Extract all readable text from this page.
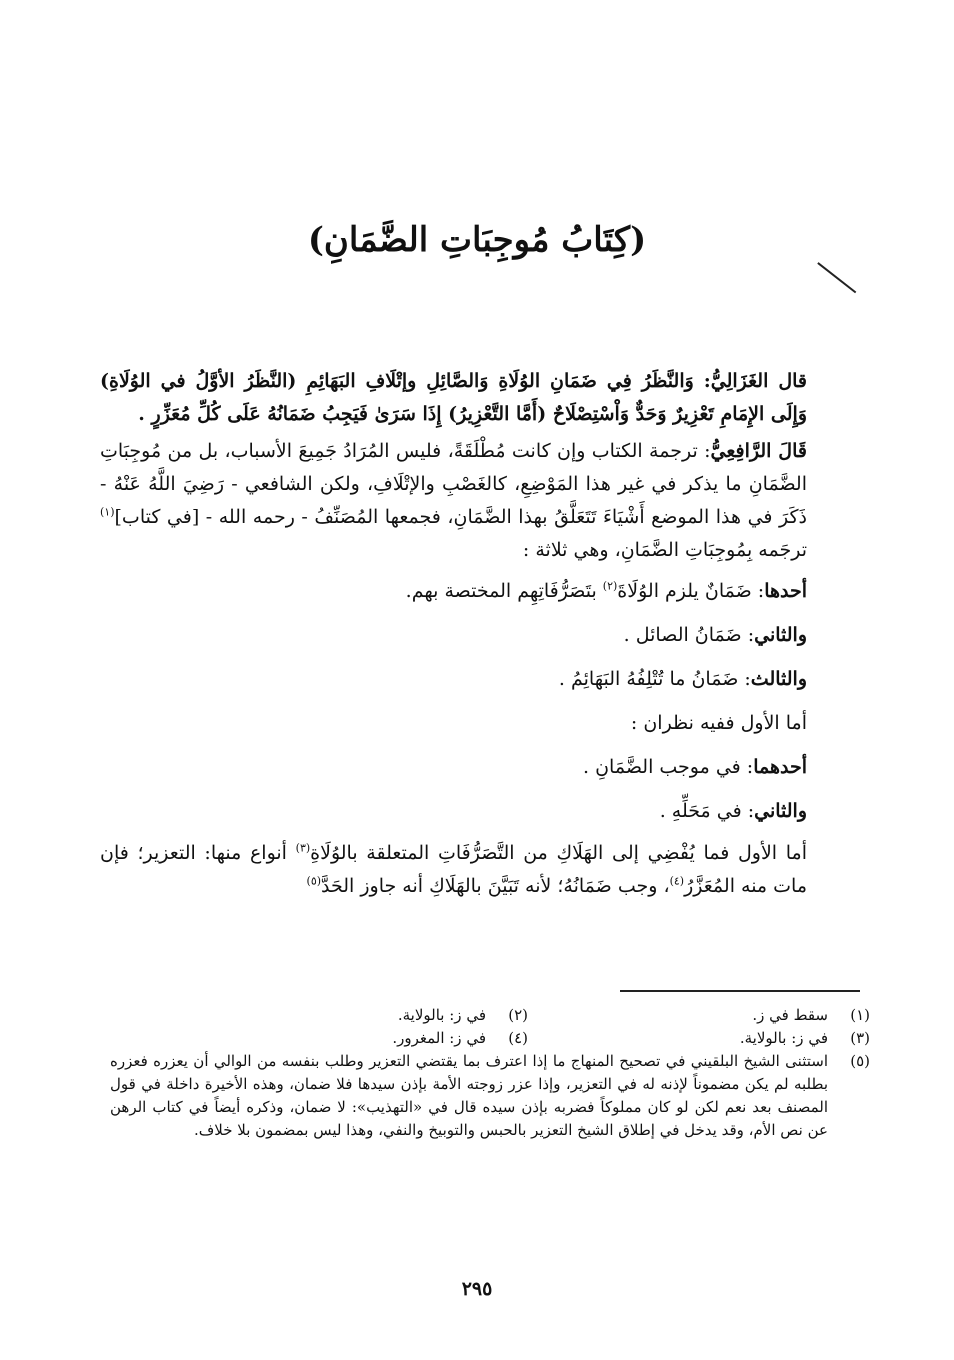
(كِتَابُ مُوجِبَاتِ الضَّمَانِ)

قال الغَزَالِيُّ: وَالنَّظَرُ فِي ضَمَانِ الوُلَاةِ وَالصَّائِلِ وإتْلَافِ البَهَائِمِ (النَّظَرُ الأوَّلُ في الوُلَاةِ) وَإِلَى الإِمَامِ تَعْزِيرٌ وَحَدٌّ وَاْسْتِصْلَاحٌ (أَمَّا التَّعْزِيرُ) إِذَا سَرَىٰ فَيَجِبُ ضَمَانُهُ عَلَى كُلِّ مُعَزِّرٍ .

قَالَ الرَّافِعِيُّ: ترجمة الكتاب وإن كانت مُطْلَقَةً، فليس المُرَادُ جَمِيعَ الأسباب، بل من مُوجِبَاتِ الضَّمَانِ ما يذكر في غير هذا المَوْضِعِ، كالغَصْبِ والإتْلَافِ، ولكن الشافعي - رَضِيَ اللَّهُ عَنْهُ - ذَكَرَ في هذا الموضع أَشْيَاءَ تَتَعَلَّقُ بهذا الضَّمَانِ، فجمعها المُصَنِّفُ - رحمه الله - [في كتاب]$^{(١)}$ ترجَمه بِمُوجِبَاتِ الضَّمَانِ، وهي ثلاثة :

أحدها: ضَمَانٌ يلزم الوُلَاةَ$^{(٢)}$ بتَصَرُّفَاتِهِم المختصة بهم.

والثاني: ضَمَانُ الصائل .

والثالث: ضَمَانُ ما تُتْلِفُهُ البَهَائِمُ .

أما الأول ففيه نظران :

أحدهما: في موجب الضَّمَانِ .

والثاني: في مَحَلِّهِ .

أما الأول فما يُفْضِي إلى الهَلَاكِ من التَّصَرُّفَاتِ المتعلقة بالوُلَاةِ$^{(٣)}$ أنواع منها: التعزير؛ فإن مات منه المُعَزَّرُ$^{(٤)}$، وجب ضَمَانُهُ؛ لأنه تَبَيَّنَ بالهَلَاكِ أنه جاوز الحَدَّ$^{(٥)}$

(١)
سقط في ز.
(٢)
في ز: بالولاية.
(٣)
في ز: بالولاية.
(٤)
في ز: المغرور.
(٥)
استثنى الشيخ البلقيني في تصحيح المنهاج ما إذا اعترف بما يقتضي التعزير وطلب بنفسه من الوالي أن يعزره فعزره بطلبه لم يكن مضموناً لإذنه له في التعزير، وإذا عزر زوجته الأمة بإذن سيدها فلا ضمان، وهذه الأخيرة داخلة في قول المصنف بعد نعم لكن لو كان مملوكاً فضربه بإذن سيده قال في «التهذيب»: لا ضمان، وذكره أيضاً في كتاب الرهن عن نص الأم، وقد يدخل في إطلاق الشيخ التعزير بالحبس والتوبيخ والنفي، وهذا ليس بمضمون بلا خلاف.
٢٩٥
